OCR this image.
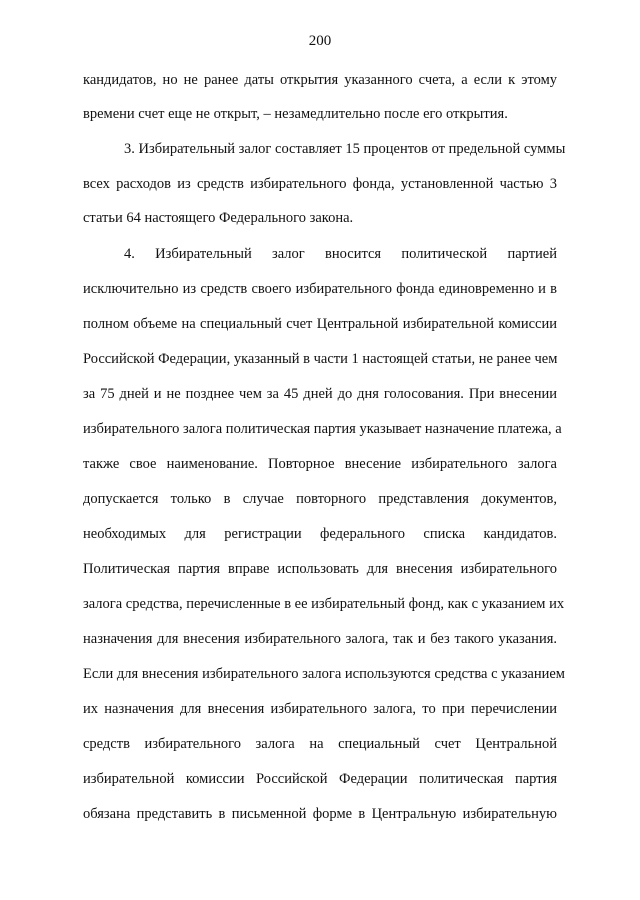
200
кандидатов, но не ранее даты открытия указанного счета, а если к этому
времени счет еще не открыт, – незамедлительно после его открытия.
3. Избирательный залог составляет 15 процентов от предельной суммы
всех расходов из средств избирательного фонда, установленной частью 3
статьи 64 настоящего Федерального закона.
4. Избирательный залог вносится политической партией
исключительно из средств своего избирательного фонда единовременно и в
полном объеме на специальный счет Центральной избирательной комиссии
Российской Федерации, указанный в части 1 настоящей статьи, не ранее чем
за 75 дней и не позднее чем за 45 дней до дня голосования. При внесении
избирательного залога политическая партия указывает назначение платежа, а
также свое наименование. Повторное внесение избирательного залога
допускается только в случае повторного представления документов,
необходимых для регистрации федерального списка кандидатов.
Политическая партия вправе использовать для внесения избирательного
залога средства, перечисленные в ее избирательный фонд, как с указанием их
назначения для внесения избирательного залога, так и без такого указания.
Если для внесения избирательного залога используются средства с указанием
их назначения для внесения избирательного залога, то при перечислении
средств избирательного залога на специальный счет Центральной
избирательной комиссии Российской Федерации политическая партия
обязана представить в письменной форме в Центральную избирательную
